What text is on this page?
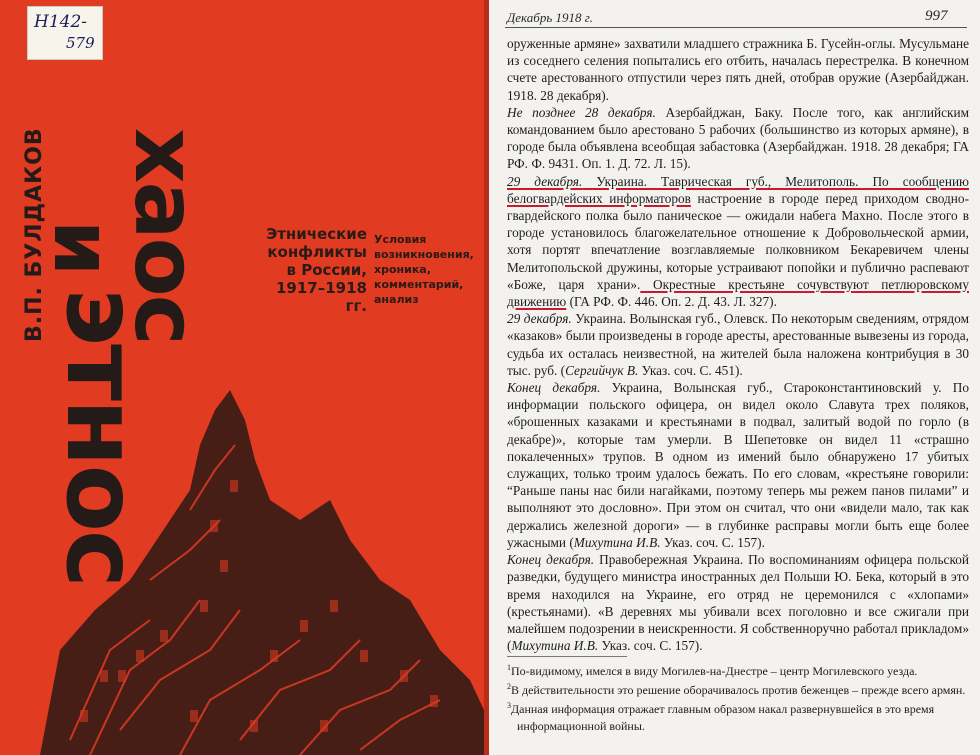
Н142-
579
В.П. БУЛДАКОВ хаос
и
этнос
Этнические конфликты в России, 1917–1918 гг.
Условия возникновения, хроника, комментарий, анализ
Декабрь 1918 г.	997

оруженные армяне» захватили младшего стражника Б. Гусейн-оглы. Мусульмане из соседнего селения попытались его отбить, началась перестрелка. В конечном счете арестованного отпустили через пять дней, отобрав оружие (Азербайджан. 1918. 28 декабря).

Не позднее 28 декабря. Азербайджан, Баку. После того, как английским командованием было арестовано 5 рабочих (большинство из которых армяне), в городе была объявлена всеобщая забастовка (Азербайджан. 1918. 28 декабря; ГА РФ. Ф. 9431. Оп. 1. Д. 72. Л. 15).

29 декабря. Украина. Таврическая губ., Мелитополь. По сообщению белогвардейских информаторов настроение в городе перед приходом сводно-гвардейского полка было паническое — ожидали набега Махно. После этого в городе установилось благожелательное отношение к Добровольческой армии, хотя портят впечатление возглавляемые полковником Бекаревичем члены Мелитопольской дружины, которые устраивают попойки и публично распевают «Боже, царя храни». Окрестные крестьяне сочувствуют петлюровскому движению (ГА РФ. Ф. 446. Оп. 2. Д. 43. Л. 327).

29 декабря. Украина. Волынская губ., Олевск. По некоторым сведениям, отрядом «казаков» были произведены в городе аресты, арестованные вывезены из города, судьба их осталась неизвестной, на жителей была наложена контрибуция в 30 тыс. руб. (Сергийчук В. Указ. соч. С. 451).

Конец декабря. Украина, Волынская губ., Староконстантиновский у. По информации польского офицера, он видел около Славута трех поляков, «брошенных казаками и крестьянами в подвал, залитый водой по горло (в декабре)», которые там умерли. В Шепетовке он видел 11 «страшно покалеченных» трупов. В одном из имений было обнаружено 17 убитых служащих, только троим удалось бежать. По его словам, «крестьяне говорили: “Раньше паны нас били нагайками, поэтому теперь мы режем панов пилами” и выполняют это дословно». При этом он считал, что они «видели мало, так как держались железной дороги» — в глубинке расправы могли быть еще более ужасными (Михутина И.В. Указ. соч. С. 157).

Конец декабря. Правобережная Украина. По воспоминаниям офицера польской разведки, будущего министра иностранных дел Польши Ю. Бека, который в это время находился на Украине, его отряд не церемонился с «хлопами» (крестьянами). «В деревнях мы убивали всех поголовно и все сжигали при малейшем подозрении в неискренности. Я собственноручно работал прикладом» (Михутина И.В. Указ. соч. С. 157).

$^1$По-видимому, имелся в виду Могилев-на-Днестре – центр Могилевского уезда.

$^2$В действительности это решение оборачивалось против беженцев – прежде всего армян.

$^3$Данная информация отражает главным образом накал развернувшейся в это время информационной войны.
